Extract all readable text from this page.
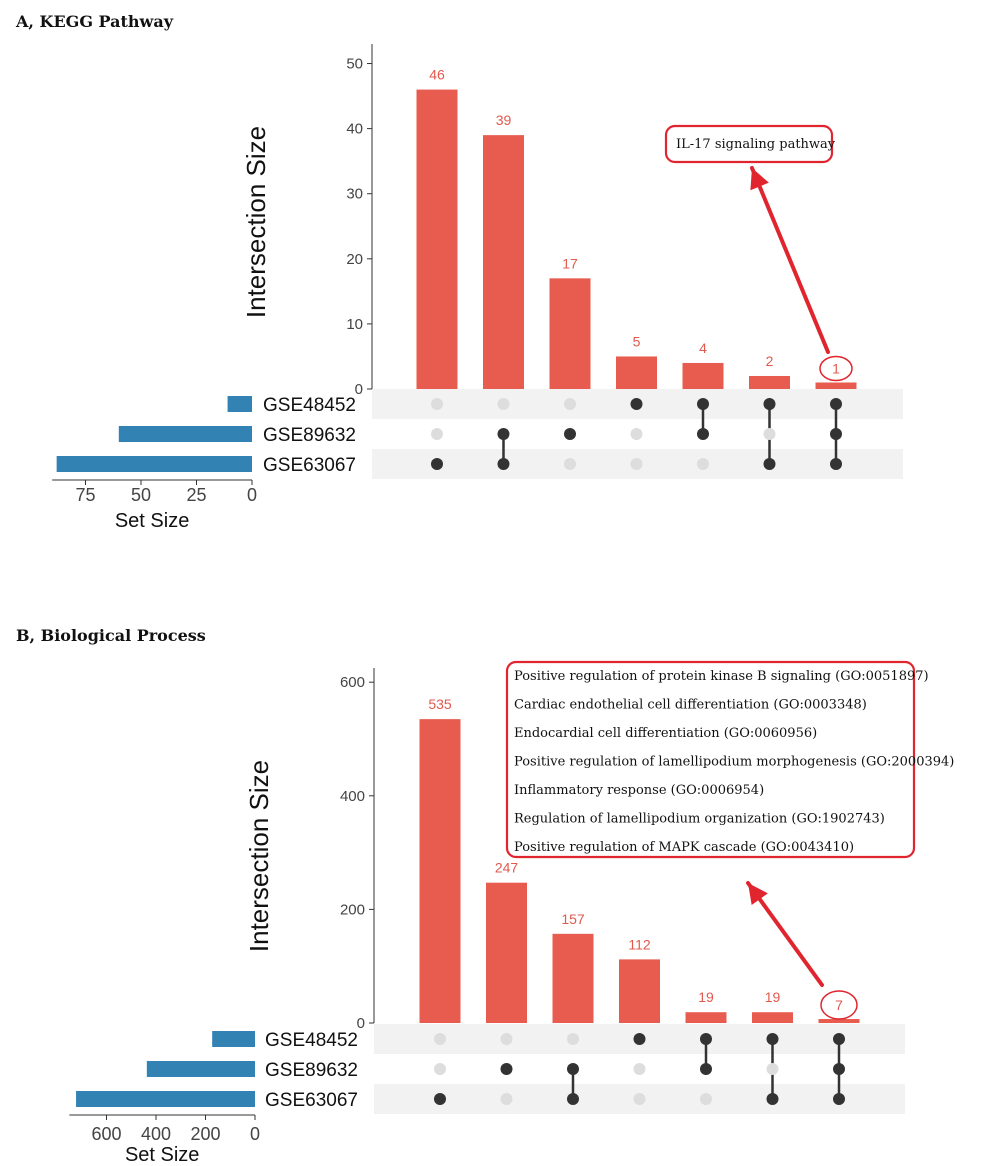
A, KEGG Pathway
0
10
20
30
40
50
Intersection Size
46
39
17
5	4
2	1
GSE48452
GSE89632
GSE63067
75 50 25 0
Set Size
IL-17 signaling pathway
B, Biological Process
0
200
400
600
Intersection Size
535
247
157
112
19	19	7
GSE48452
GSE89632
GSE63067
600 400 200 0
Set Size
Positive regulation of protein kinase B signaling (GO:0051897)
Cardiac endothelial cell differentiation (GO:0003348)
Endocardial cell differentiation (GO:0060956)
Positive regulation of lamellipodium morphogenesis (GO:2000394)
Inflammatory response (GO:0006954)
Regulation of lamellipodium organization (GO:1902743)
Positive regulation of MAPK cascade (GO:0043410)
